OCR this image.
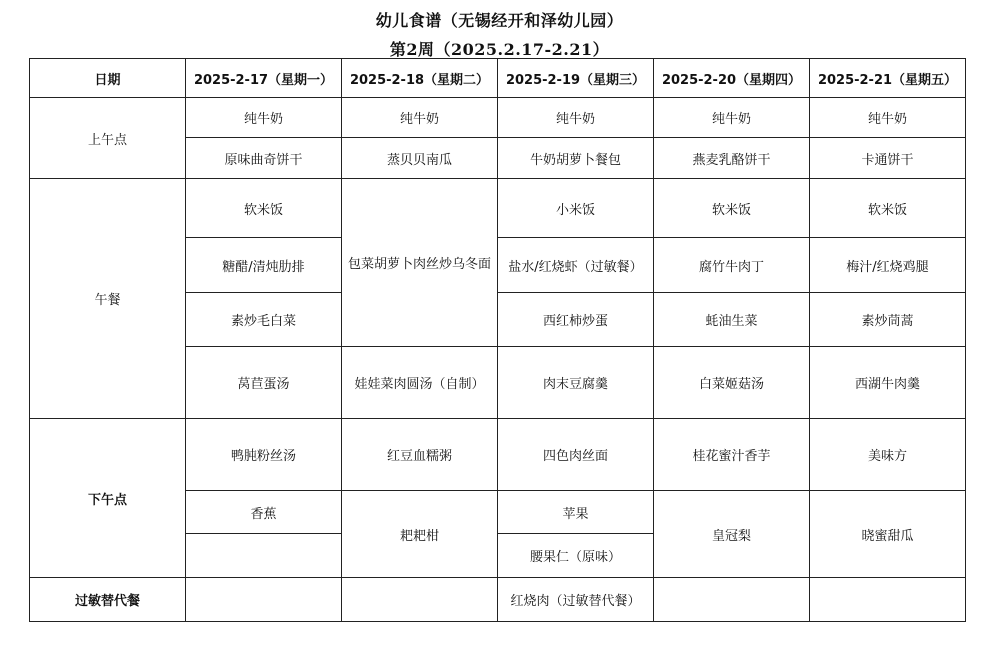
幼儿食谱（无锡经开和泽幼儿园）
第2周（2025.2.17-2.21）
日期	2025-2-17（星期一）	2025-2-18（星期二）	2025-2-19（星期三）	2025-2-20（星期四）	2025-2-21（星期五）
上午点	纯牛奶	纯牛奶	纯牛奶	纯牛奶	纯牛奶
	原味曲奇饼干	蒸贝贝南瓜	牛奶胡萝卜餐包	燕麦乳酪饼干	卡通饼干
午餐	软米饭	包菜胡萝卜肉丝炒乌冬面	小米饭	软米饭	软米饭
	糖醋/清炖肋排		盐水/红烧虾（过敏餐）	腐竹牛肉丁	梅汁/红烧鸡腿
	素炒毛白菜		西红柿炒蛋	蚝油生菜	素炒茼蒿
	莴苣蛋汤	娃娃菜肉圆汤（自制）	肉末豆腐羹	白菜姬菇汤	西湖牛肉羹
下午点	鸭肫粉丝汤	红豆血糯粥	四色肉丝面	桂花蜜汁香芋	美味方
	香蕉	耙耙柑	苹果	皇冠梨	晓蜜甜瓜
			腰果仁（原味）		

过敏替代餐			红烧肉（过敏替代餐）		
